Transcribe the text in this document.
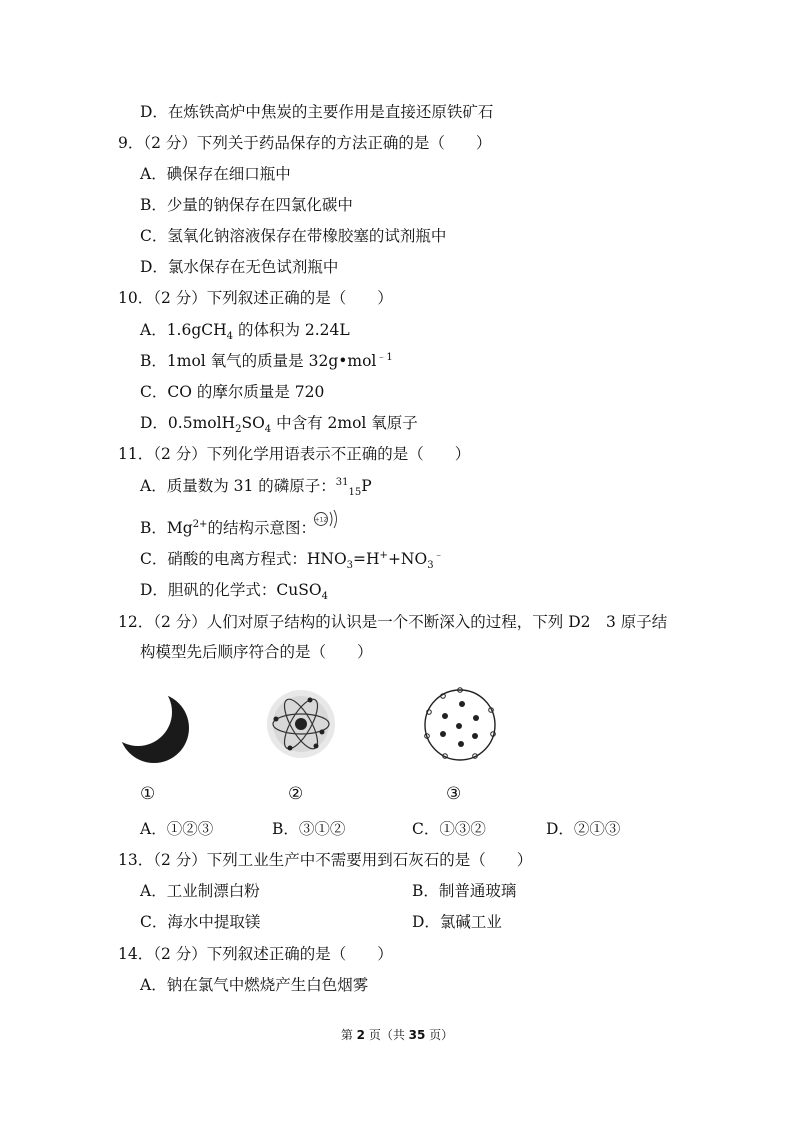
D．在炼铁高炉中焦炭的主要作用是直接还原铁矿石
9．（2 分）下列关于药品保存的方法正确的是（　　）
A．碘保存在细口瓶中
B．少量的钠保存在四氯化碳中
C．氢氧化钠溶液保存在带橡胶塞的试剂瓶中
D．氯水保存在无色试剂瓶中
10．（2 分）下列叙述正确的是（　　）
A．1.6gCH$_4$ 的体积为 2.24L
B．1mol 氧气的质量是 32g•mol$^{﹣1}$
C．CO 的摩尔质量是 720
D．$0.5molH_2SO_4$ 中含有 2mol 氧原子
11．（2 分）下列化学用语表示不正确的是（　　）
A．质量数为 31 的磷原子：$^{31}_{15}$P
B．$Mg^{2+}$的结构示意图：
+12
C．硝酸的电离方程式：$HNO_3=H^++NO_3^﹣$
D．胆矾的化学式：CuSO$_4$
12．（2 分）人们对原子结构的认识是一个不断深入的过程，下列 D2　3 原子结
构模型先后顺序符合的是（　　）
①	②	③
A．①②③	B．③①②	C．①③②	D．②①③
13．（2 分）下列工业生产中不需要用到石灰石的是（　　）
A．工业制漂白粉	B．制普通玻璃
C．海水中提取镁	D．氯碱工业
14．（2 分）下列叙述正确的是（　　）
A．钠在氯气中燃烧产生白色烟雾
第 2 页（共 35 页）
